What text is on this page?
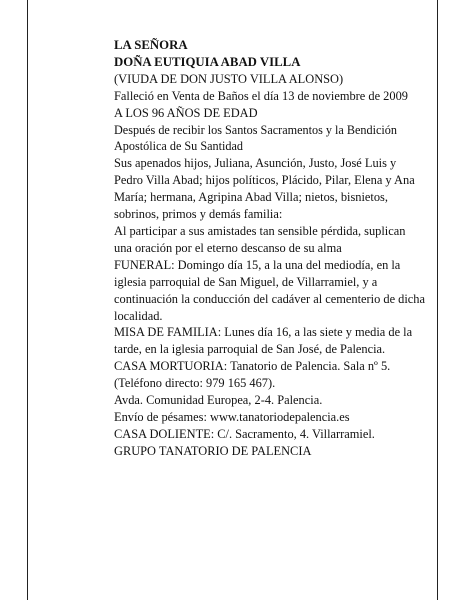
LA SEÑORA

DOÑA EUTIQUIA ABAD VILLA

(VIUDA DE DON JUSTO VILLA ALONSO)

Falleció en Venta de Baños el día 13 de noviembre de 2009

A LOS 96 AÑOS DE EDAD

Después de recibir los Santos Sacramentos y la Bendición Apostólica de Su Santidad

Sus apenados hijos, Juliana, Asunción, Justo, José Luis y Pedro Villa Abad; hijos políticos, Plácido, Pilar, Elena y Ana María; hermana, Agripina Abad Villa; nietos, bisnietos, sobrinos, primos y demás familia:

Al participar a sus amistades tan sensible pérdida, suplican una oración por el eterno descanso de su alma

FUNERAL: Domingo día 15, a la una del mediodía, en la iglesia parroquial de San Miguel, de Villarramiel, y a continuación la conducción del cadáver al cementerio de dicha localidad.

MISA DE FAMILIA: Lunes día 16, a las siete y media de la tarde, en la iglesia parroquial de San José, de Palencia.

CASA MORTUORIA: Tanatorio de Palencia. Sala nº 5. (Teléfono directo: 979 165 467).

Avda. Comunidad Europea, 2-4. Palencia.

Envío de pésames: www.tanatoriodepalencia.es

CASA DOLIENTE: C/. Sacramento, 4. Villarramiel.

GRUPO TANATORIO DE PALENCIA
